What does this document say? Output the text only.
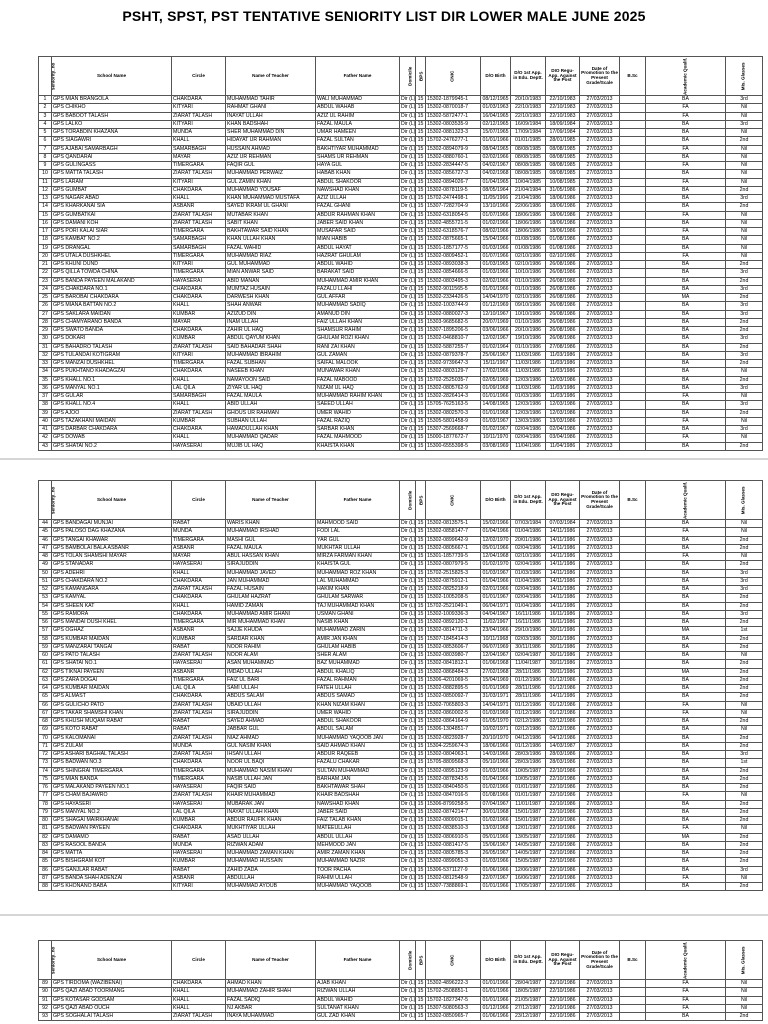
PSHT, SPST, PST TENTATIVE SENIORITY LIST DIR LOWER MALE JUNE 2025
seniority_no	School Name	Circle	Name of Teacher	Father Name	Domicile	BPS	CNIC	D/O Birth	D/O 1st App. in Edu. Deptt.	DIO Regu-App. Against the Post	Date of Promotion to the Present Grade/Scale	B.Sc	Academic Qualif.	Mis. Glasses
1	GPS MIAN BRANGOLA	CHAKDARA	MUHAMMAD TAHIR	WALI MUHAMMAD	Dir (L)	15	15302-1879945-1	08/12/1965	20/10/1983	22/10/1983	27/03/2013		BA	3rd
2	GPS CHIKHO	KITYARI	RAHMAT GHANI	ABDUL WAHAB	Dir (L)	15	15302-0870018-7	01/03/1963	22/10/1983	22/10/1983	27/03/2013		FA	Nil
3	GPS BABOOT TALASH	ZIARAT TALASH	INAYAT ULLAH	AZIZ UL RAHIM	Dir (L)	15	15302-5872477-1	16/04/1965	22/10/1983	22/10/1983	27/03/2013		FA	Nil
4	GPS LALKO	KITYARI	KHAN BADSHAH	FAZAL MAULA	Dir (L)	15	15302-0803535-9	02/12/1965	16/09/1984	18/09/1984	27/03/2013		BA	3rd
5	GPS TORABDIN KHAZANA	MUNDA	SHER MUHAMMAD DIN	UMAR HAMEEN	Dir (L)	15	15302-0881323-3	15/07/1965	17/09/1984	17/09/1984	27/03/2013		BA	Nil
6	GPS SIAGAWRI	KHALL	HIDAYAT UR RAHMAN	FAZAL SULTAN	Dir (L)	15	15702-2476277-1	01/01/1966	01/01/1985	28/01/1985	27/03/2013		BA	2nd
7	GPS AJABAI SAMARBAGH	SAMARBAGH	HUSSAIN AHMAD	BAKHTIYAR MUHAMMAD	Dir (L)	15	15302-0894079-9	08/04/1965	08/08/1985	08/08/1985	27/03/2013		FA	Nil
8	GPS QANDARAI	MAYAR	AZIZ UR REHMAN	SHAMS UR REHMAN	Dir (L)	15	15302-0880760-1	02/02/1966	08/08/1985	08/08/1985	27/03/2013		BA	Nil
9	GPS GULINGASS	TIMERGARA	FAQIR GUL	HAYA GUL	Dir (L)	15	15302-2834447-5	04/02/1967	08/08/1985	08/08/1985	27/03/2013		FA	Nil
10	GPS MATTA TALASH	ZIARAT TALASH	MUHAMMAD PERWAIZ	HABAB KHAN	Dir (L)	15	15302-0856727-3	04/02/1968	08/08/1985	08/08/1985	27/03/2013		BA	Nil
11	GPS LARAM	KITYARI	GUL ZAMIN KHAN	ABDUL SHAKOOR	Dir (L)	15	15302-0894026-7	01/04/1965	10/04/1985	10/08/1985	27/03/2013		FA	Nil
12	GPS GUMBAT	CHAKDARA	MUHAMMAD YOUSAF	NAWSHAD KHAN	Dir (L)	15	15302-0878119-5	08/05/1964	21/04/1984	31/05/1986	27/03/2013		BA	2nd
13	GPS NAGAR ABAD	KHALL	KHAN MUHAMMAD MUSTAFA	AZIZ ULLAH	Dir (L)	15	15702-2474498-1	11/05/1966	21/04/1986	18/06/1986	27/03/2013		BA	3rd
14	GPS KHARKANAI SIA	ASBANR	SAYED IKRAM UL GHANI	FAZAL GHANI	Dir (L)	15	15307-7282704-9	13/10/1966	22/06/1986	18/06/1986	27/03/2013		BA	2nd
15	GPS GUMBATKAI	ZIARAT TALASH	MUTABAR KHAN	ABDUR RAHMAN KHAN	Dir (L)	15	15302-6318054-5	01/07/1966	18/06/1986	18/06/1986	27/03/2013		FA	Nil
16	GPS DAMANI KOH	ZIARAT TALASH	SABIT KHAN	JABER SAID KHAN	Dir (L)	15	15302-4855721-5	01/02/1966	18/06/1986	18/06/1986	27/03/2013		BA	Nil
17	GPS PORI KALAI SIAR	TIMERGARA	BAKHTAWAR SAID KHAN	MUSAFAR SAID	Dir (L)	15	15302-6318576-7	08/02/1966	18/06/1986	18/06/1986	27/03/2013		FA	Nil
18	GPS KAMBAT NO.2	SAMARBAGH	KHAN ULLAH KHAN	MIAN HABIB	Dir (L)	15	15302-0875665-1	15/04/1966	01/08/1986	01/08/1986	27/03/2013		BA	Nil
19	GPS DRANGAL	SAMARBAGH	FAZAL WAHID	ABDUL HAYAT	Dir (L)	15	15301-1857177-5	01/03/1966	01/08/1986	01/08/1986	27/03/2013		BA	Nil
20	GPS UTALA DUSHKHEL	TIMERGARA	MUHAMMAD RIAZ	HAZRAT GHULAM	Dir (L)	15	15302-0809452-1	01/07/1966	02/10/1986	02/10/1986	27/03/2013		FA	Nil
21	GPS KHUNI DUND	KITYARI	GUL MUHAMMAD	ABDUL WAHID	Dir (L)	15	15302-0893038-3	01/03/1965	02/10/1986	26/08/1986	27/03/2013		BA	2nd
22	GPS QILLA TOWDA CHINA	TIMERGARA	MIAN ANWAR SAID	BARAKAT SAID	Dir (L)	15	15302-0854666-5	01/03/1966	10/10/1986	26/08/1986	27/03/2013		BA	3rd
23	GPS BANDA PAYEEN MALAKAND	HAYASERAI	ABID MANAN	MUHAMMAD AMIR KHAN	Dir (L)	15	15302-0803495-3	02/02/1966	01/10/1986	26/08/1986	27/03/2013		BA	2nd
24	GPS CHAKDARA NO.1	CHAKDARA	MUMTAZ HUSAIN	FAZALU LLAHI	Dir (L)	15	15302-9011565-5	01/01/1966	01/10/1986	26/08/1986	27/03/2013		BA	3rd
25	GPS BAROBAI CHAKDARA	CHAKDARA	DARWESH KHAN	GUL AFFAR	Dir (L)	15	15302-2334426-5	14/04/1970	02/10/1986	26/08/1986	27/03/2013		MA	2nd
26	GPS MIANA BATTAN NO.2	KHALL	SHAH ANWAR	MUHAMMAD SADIQ	Dir (L)	15	15302-1003744-9	01/12/1969	09/10/1986	26/08/1986	27/03/2013		BA	3rd
27	GPS SAKLARA MAIDAN	KUMBAR	AZIZUD DIN	AMANUD DIN	Dir (L)	15	15302-0880027-3	12/10/1967	10/10/1986	26/08/1986	27/03/2013		BA	3rd
28	GPS CHAMYARANO BANDA	MAYAR	INAM ULLAH	FAIZ ULLAH KHAN	Dir (L)	15	15303-9685682-5	20/07/1969	01/10/1986	26/08/1986	27/03/2013		BA	2nd
29	GPS SWATO BANDA	CHAKDARA	ZAHIR UL HAQ	SHAMSUR RAHIM	Dir (L)	15	15307-1895206-5	03/06/1966	20/10/1986	26/08/1986	27/03/2013		BA	2nd
30	GPS DOKARI	KUMBAR	ABDUL QAYUM KHAN	GHULAM ROZI KHAN	Dir (L)	15	15302-0468810-7	12/02/1967	19/10/1986	26/08/1986	27/03/2013		BA	3rd
31	GPS BAHADRO TALASH	ZIARAT TALASH	SAID BAHADAR SHAH	RANI ZAI KHAN	Dir (L)	15	15302-5887255-7	01/02/1964	01/10/1986	27/08/1986	27/03/2013		BA	2nd
32	GPS TULANDAI KOTIGRAM	KITYARI	MUHAMMAD IBRAHIM	GUL ZAMAN	Dir (L)	15	15302-0879378-7	25/06/1967	11/03/1986	11/03/1986	27/03/2013		BA	3rd
33	GPS MANZAI DUSHKHEL	TIMERGARA	FAZAL SUBHAN	SAIFAL MALOOK	Dir (L)	15	15302-9739647-3	15/11/1967	11/03/1986	11/03/1986	27/03/2013		BA	2nd
34	GPS PUKHTANO KHADAGZAI	CHAKDARA	NASEEB KHAN	MUNAWAR KHAN	Dir (L)	15	15302-0803129-7	17/02/1966	11/03/1986	11/03/1986	27/03/2013		BA	Nil
35	GPS KHALL NO.1	KHALL	NAMAYOON SAID	FAZAL MABOOD	Dir (L)	15	15702-2525035-7	02/05/1969	12/03/1986	12/03/1986	27/03/2013		BA	2nd
36	GPS MANYAL NO.1	LAL QILA	ZIYAR UL HAQ	NIZAM UL HAQ	Dir (L)	15	15302-0805762-9	01/09/1968	11/03/1986	11/03/1986	27/03/2013		BA	3rd
37	GPS GULAR	SAMARBAGH	FAZAL MAULA	MUHAMMAD RAHIM KHAN	Dir (L)	15	15302-2826414-3	01/01/1966	01/03/1986	11/03/1986	27/03/2013		FA	Nil
38	GPS KHALL NO.4	KHALL	ABID ULLAH	SAEED ULLAH	Dir (L)	15	15705-7625163-5	14/08/1965	12/03/1986	12/03/1986	27/03/2013		BA	3rd
39	GPS AJOO	ZIARAT TALASH	GHOUS UR RAHMAN	UMER WAHID	Dir (L)	15	15302-0802570-3	01/01/1968	12/03/1986	12/03/1986	27/03/2013		BA	2nd
40	GPS TAZAKHANI MAIDAN	KUMBAR	SUBHAN ULLAH	FAZAL RAZIQ	Dir (L)	15	15305-5801458-9	01/03/1967	13/03/1986	13/03/1986	27/03/2013		FA	Nil
41	GPS DARBAR CHAKDARA	CHAKDARA	HAMADULLAH KHAN	SARBAR KHAN	Dir (L)	15	15307-2569668-7	01/02/1967	02/04/1986	02/04/1986	27/03/2013		BA	3rd
42	GPS DOWAB	KHALL	MUHAMMAD QADAR	FAZAL MAHMOOD	Dir (L)	15	15000-1877672-7	10/11/1970	02/04/1986	03/04/1986	27/03/2013		FA	Nil
43	GPS SHATAI NO.2	HAYASERAI	MUJIB UL HAQ	KHAISTA KHAN	Dir (L)	15	15300-6555398-5	03/08/1969	11/04/1986	11/04/1986	27/03/2013		BA	2nd
seniority_no	School Name	Circle	Name of Teacher	Father Name	Domicile	BPS	CNIC	D/O Birth	D/O 1st App. in Edu. Deptt.	DIO Regu-App. Against the Post	Date of Promotion to the Present Grade/Scale	B.Sc	Academic Qualif.	Mis. Glasses
44	GPS BANDAGAI MUNJAI	RABAT	WARIS KHAN	MAHMOOD SAID	Dir (L)	15	15302-0813575-1	15/02/1966	07/03/1984	07/03/1984	27/03/2013		BA	Nil
45	GPS PALOSO DAG KHAZANA	MUNDA	MUHAMMAD IRSHAD	FODI LAL	Dir (L)	15	15302-0858147-7	01/04/1966	01/04/1986	14/11/1986	27/03/2013		FA	Nil
46	GPS TANGAI KHAWAR	TIMERGARA	MASHI GUL	YAR GUL	Dir (L)	15	15302-0899642-9	12/02/1970	20/01/1986	14/11/1986	27/03/2013		BA	2nd
47	GPS BAMBOLAI BALA ASBANR	ASBANR	FAZAL MAULA	MUKHTAR ULLAH	Dir (L)	15	15302-0805667-1	05/01/1966	02/04/1986	14/11/1986	27/03/2013		BA	2nd
48	GPS TOLAN SHAMSHI MAYAR	MAYAR	ABUL HASSAN KHAN	MIRZA FARMAN KHAN	Dir (L)	15	15301-1857739-5	12/04/1968	02/10/1986	14/11/1986	27/03/2013		FA	Nil
49	GPS STANADAR	HAYASERAI	SIRAJUDDIN	KHAISTA GUL	Dir (L)	15	15302-0807979-5	01/02/1970	02/04/1986	14/11/1986	27/03/2013		BA	2nd
50	GPS ADEHRI	KHALL	MUHAMMAD JAVED	MUHAMMAD ROZ KHAN	Dir (L)	15	15702-2515825-3	01/03/1967	01/03/1986	14/11/1986	27/03/2013		BA	3rd
51	GPS CHAKDARA NO.2	CHAKDARA	JAN MUHAMMAD	LAL MUHAMMAD	Dir (L)	15	15302-0875912-1	01/04/1966	01/04/1986	14/11/1986	27/03/2013		BA	3rd
52	GPS KAMANGARA	ZIARAT TALASH	FAZAL HUSAIN	HAKIM KHAN	Dir (L)	15	15302-0825218-9	02/01/1966	02/04/1986	14/11/1986	27/03/2013		BA	3rd
53	GPS KAMYAL	CHAKDARA	GHULAM HAZRAT	GHULAM SARWAR	Dir (L)	15	15302-1005208-5	01/01/1967	02/04/1986	14/11/1986	27/03/2013		BA	2nd
54	GPS SHEEN KAT	KHALL	HAMID ZAMAN	TAJ MUHAMMAD KHAN	Dir (L)	15	15702-2521049-1	06/04/1971	01/04/1986	14/11/1986	27/03/2013		BA	2nd
55	GPS RAMORA	CHAKDARA	MUHAMMAD AMIR GHANI	USMAN GHANI	Dir (L)	15	15302-1009336-3	04/04/1967	16/11/1986	16/11/1986	27/03/2013		BA	3rd
56	GPS MANDAI DUSH KHEL	TIMERGARA	MIR MUHAMMAD KHAN	NASIB KHAN	Dir (L)	15	15302-0892120-1	11/02/1967	16/11/1986	16/11/1986	27/03/2013		BA	2nd
57	GPS OGHAZ	ASBANR	SAJJE KHUDA	MUHAMMAD ZARIN	Dir (L)	15	15302-0814711-3	23/04/1966	29/10/1986	30/11/1986	27/03/2013		MA	1st
58	GPS KUMBAR MAIDAN	KUMBAR	SARDAR KHAN	AMIR JAN KHAN	Dir (L)	15	15307-1845414-3	10/11/1968	02/03/1986	30/11/1986	27/03/2013		BA	2nd
59	GPS MANZARAI TANGAI	RABAT	NOOR RAHIM	GHULAM HABIB	Dir (L)	15	15302-0853606-7	06/07/1969	30/11/1986	30/11/1986	27/03/2013		BA	2nd
60	GPS PATO TALASH	ZIARAT TALASH	NOOR ALAM	SHER ALAM	Dir (L)	15	15302-0803980-7	12/04/1967	02/04/1987	30/11/1986	27/03/2013		BA	Nil
61	GPS SHATAI NO.1	HAYASERAI	ASAN MUHAMMAD	BAZ MUHAMMAD	Dir (L)	15	15302-0841812-1	01/06/1968	11/04/1987	30/11/1986	27/03/2013		BA	2nd
62	GPS TIKNAI PAYEEN	ASBANR	IMDAD ULLAH	ABDUL KHALIQ	Dir (L)	15	15302-0868484-3	27/02/1968	28/11/1986	30/11/1986	27/03/2013		MA	2nd
63	GPS ZARA DOGAI	TIMERGARA	FAIZ UL BARI	FAZAL RAHMAN	Dir (L)	15	15306-4201069-5	15/04/1969	01/12/1986	01/12/1986	27/03/2013		BA	2nd
64	GPS KUMBAR MAIDAN	LAL QILA	SAMI ULLAH	FATEH ULLAH	Dir (L)	15	15302-0882895-5	01/01/1969	28/11/1986	01/12/1986	27/03/2013		BA	2nd
65	GPS ALMAST	CHAKDARA	ABDUS SALAM	ABDUS SAMAD	Dir (L)	15	15302-0850092-7	31/03/1971	28/11/1986	14/11/1986	27/03/2013		BA	2nd
66	GPS GULICHO PATO	ZIARAT TALASH	UBAID ULLAH	KHAN NIZAM KHAN	Dir (L)	15	15302-7065803-3	14/04/1971	01/12/1986	01/12/1986	27/03/2013		FA	Nil
67	GPS TAKAR SHAMSHI KHAN	ZIARAT TALASH	SIRAJUDDIN	UMER WAHID	Dir (L)	15	15302-0860002-5	01/03/1969	01/12/1986	01/12/1986	27/03/2013		FA	Nil
68	GPS KHUSH MUQAM RABAT	RABAT	SAYED AHMAD	ABDUL SHAKOOR	Dir (L)	15	15302-0864164-9	01/05/1970	02/12/1986	02/12/1986	27/03/2013		BA	2nd
69	GPS KOTO RABAT	RABAT	JABBAR GUL	ABDUL SALAM	Dir (L)	15	15306-1304851-7	10/02/1971	02/12/1986	02/12/1986	27/03/2013		BA	Nil
70	GPS KALOMANAI	ZIARAT TALASH	NIAZ AHMAD	MUHAMMAD YAQOOB JAN	Dir (L)	15	15302-0823928-7	20/10/1970	04/12/1986	04/12/1986	27/03/2013		BA	2nd
71	GPS ZULAM	MUNDA	GUL NASIM KHAN	SAID AHMAD KHAN	Dir (L)	15	15304-2259674-3	18/06/1966	01/12/1986	14/03/1987	27/03/2013		BA	2nd
72	GPS ASHARI BAGHAL TALASH	ZIARAT TALASH	IHSAN ULLAH	ABDUR RAQEEB	Dir (L)	15	15302-0804063-1	14/03/1966	28/03/1986	28/03/1986	27/03/2013		BA	3rd
73	GPS BADWAN NO.3	CHAKDARA	NOOR UL BAQI	FAZALU CHAKAR	Dir (L)	15	15705-8809568-3	05/10/1966	28/03/1986	28/03/1986	27/03/2013		BA	1st
74	GPS SHINGRAI TIMERGARA	TIMERGARA	MUHAMMAD NASIM KHAN	SULTAN MUHAMMAD	Dir (L)	15	15302-0895123-9	01/03/1966	10/05/1987	22/10/1986	27/03/2013		BA	2nd
75	GPS MIAN BANDA	TIMERGARA	NASIB ULLAH JAN	BARHAM JAN	Dir (L)	15	15302-0878343-5	01/04/1966	10/05/1987	22/10/1986	27/03/2013		BA	2nd
76	GPS MALAKAND PAYEEN NO.1	HAYASERAI	FAQIR SAID	BAKHTAWAR SHAH	Dir (L)	15	15302-0840450-5	01/02/1966	01/01/1987	22/10/1986	27/03/2013		BA	2nd
77	GPS CHAM BAJAWRO	ZIARAT TALASH	KHAIR MUHAMMAD	KHAIR BADSHAH	Dir (L)	15	15302-0847016-5	01/08/1966	01/01/1987	22/10/1986	27/03/2013		FA	Nil
78	GPS HAYASERI	HAYASERAI	MUBARAK JAN	NAWSHAD KHAN	Dir (L)	15	15306-8799258-5	07/04/1967	11/01/1987	22/10/1986	27/03/2013		BA	2nd
79	GPS MANYAL NO.2	LAL QILA	INAYAT ULLAH KHAN	JABER SAID	Dir (L)	15	15302-0874214-7	30/01/1968	15/01/1987	22/10/1986	27/03/2013		BA	2nd
80	GPS SHAGAI MAIRKHANAI	KUMBAR	ABDUR RAUFIK KHAN	FAIZ TALAB KHAN	Dir (L)	15	15302-0809015-1	01/02/1966	15/01/1987	22/10/1986	27/03/2013		BA	2nd
81	GPS BADWAN PAYEEN	CHAKDARA	MUKHTIYAR ULLAH	MATEEULLAH	Dir (L)	15	15302-0838510-3	13/03/1968	12/01/1987	22/10/1986	27/03/2013		FA	Nil
82	GPS DAMAMO	RABAT	ASAD ULLAH	ABDUL ULLAH	Dir (L)	15	15302-0806910-5	05/01/1966	13/05/1987	22/10/1986	27/03/2013		MA	2nd
83	GPS RASOOL BANDA	MUNDA	RIZWAN ADAM	MEHMOOD JAN	Dir (L)	15	15302-0881417-5	15/06/1967	14/05/1987	22/10/1986	27/03/2013		BA	2nd
84	GPS MATTA	HAYASERAI	MUHAMMAD ZAMAN KHAN	AMIR ZAMAN KHAN	Dir (L)	15	15302-0805785-3	26/05/1967	14/05/1987	22/10/1986	27/03/2013		BA	2nd
85	GPS BISHGRAM KOT	KUMBAR	MUHAMMAD HUSSAIN	MUHAMMAD NAZIR	Dir (L)	15	15302-0899051-3	01/03/1966	15/05/1987	22/10/1986	27/03/2013		BA	2nd
86	GPS GANJLAR RABAT	RABAT	ZAHID ZADA	TOOR PACHA	Dir (L)	15	15306-5371127-9	01/06/1966	12/06/1987	22/10/1986	27/03/2013		BA	3rd
87	GPS BANDA SHAH ADENZAI	ASBANR	ABDULLAH	RAHIM ULLAH	Dir (L)	15	15302-0812548-9	22/07/1967	16/06/1987	22/10/1986	27/03/2013		FA	Nil
88	GPS KHONANO BABA	KITYARI	MUHAMMAD AYOUB	MUHAMMAD YAQOOB	Dir (L)	15	15307-7388869-1	01/01/1966	17/05/1987	22/10/1986	27/03/2013		BA	2nd
seniority_no	School Name	Circle	Name of Teacher	Father Name	Domicile	BPS	CNIC	D/O Birth	D/O 1st App. in Edu. Deptt.	DIO Regu-App. Against the Post	Date of Promotion to the Present Grade/Scale	B.Sc	Academic Qualif.	Mis. Glasses
89	GPS TIRDOMA (WAZIBENAI)	CHAKDARA	AHMAD KHAN	AJAB KHAN	Dir (L)	15	15302-4896222-3	01/01/1966	28/04/1987	22/10/1986	27/03/2013		FA	Nil
90	GPS QAZI ABAD TOORMANG	KHALL	MUHAMMAD ZAHIR SHAH	RIZWAN ULLAH	Dir (L)	15	15702-2508851-1	01/01/1966	18/05/1987	22/10/1986	27/03/2013		FA	Nil
91	GPS KOTASAR GODSAM	KHALL	FAZAL SADIQ	ABDUL WAHID	Dir (L)	15	15702-1827347-5	01/01/1966	21/05/1987	22/10/1986	27/03/2013		FA	Nil
92	GPS QAZI ABAD OUCH	KHALL	NJ AKBAR	SULTANAT KHAN	Dir (L)	15	15307-5080563-3	01/12/1966	27/12/1987	22/10/1986	27/03/2013		FA	Nil
93	GPS SOGHALAI TALASH	ZIARAT TALASH	INAYA MUHAMMAD	GUL ZAD KHAN	Dir (L)	15	15302-0850965-7	01/06/1966	23/12/1987	22/10/1986	27/03/2013		BA	2nd
